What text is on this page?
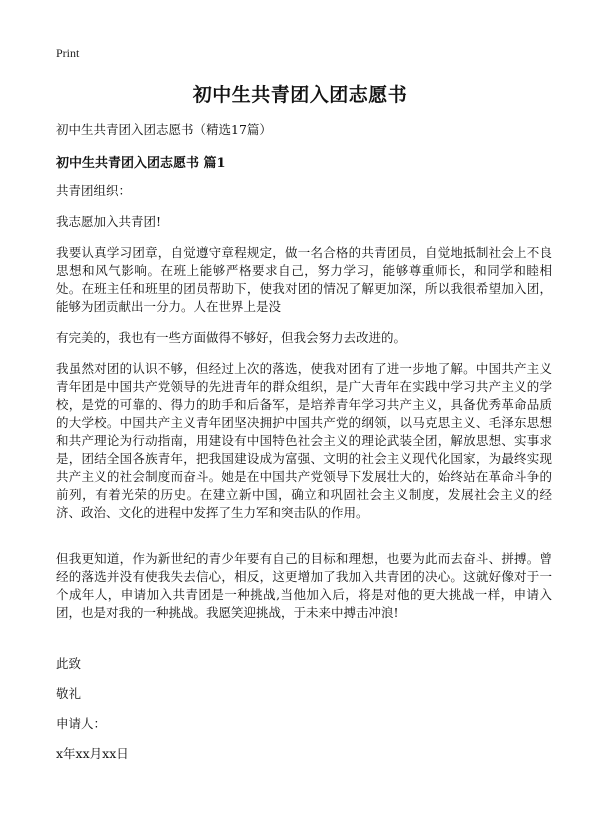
Print
初中生共青团入团志愿书
初中生共青团入团志愿书（精选17篇）
初中生共青团入团志愿书 篇1
共青团组织：
我志愿加入共青团!
我要认真学习团章，自觉遵守章程规定，做一名合格的共青团员，自觉地抵制社会上不良思想和风气影响。在班上能够严格要求自己，努力学习，能够尊重师长，和同学和睦相处。在班主任和班里的团员帮助下，使我对团的情况了解更加深，所以我很希望加入团，能够为团贡献出一分力。人在世界上是没
有完美的，我也有一些方面做得不够好，但我会努力去改进的。
我虽然对团的认识不够，但经过上次的落选，使我对团有了进一步地了解。中国共产主义青年团是中国共产党领导的先进青年的群众组织，是广大青年在实践中学习共产主义的学校，是党的可靠的、得力的助手和后备军，是培养青年学习共产主义，具备优秀革命品质的大学校。中国共产主义青年团坚决拥护中国共产党的纲领，以马克思主义、毛泽东思想和共产理论为行动指南，用建设有中国特色社会主义的理论武装全团，解放思想、实事求是，团结全国各族青年，把我国建设成为富强、文明的社会主义现代化国家，为最终实现共产主义的社会制度而奋斗。她是在中国共产党领导下发展壮大的，始终站在革命斗争的前列，有着光荣的历史。在建立新中国，确立和巩固社会主义制度，发展社会主义的经济、政治、文化的进程中发挥了生力军和突击队的作用。
但我更知道，作为新世纪的青少年要有自己的目标和理想，也要为此而去奋斗、拼搏。曾经的落选并没有使我失去信心，相反，这更增加了我加入共青团的决心。这就好像对于一个成年人，申请加入共青团是一种挑战,当他加入后，将是对他的更大挑战一样，申请入团，也是对我的一种挑战。我愿笑迎挑战，于未来中搏击冲浪!
此致
敬礼
申请人：
x年xx月xx日
